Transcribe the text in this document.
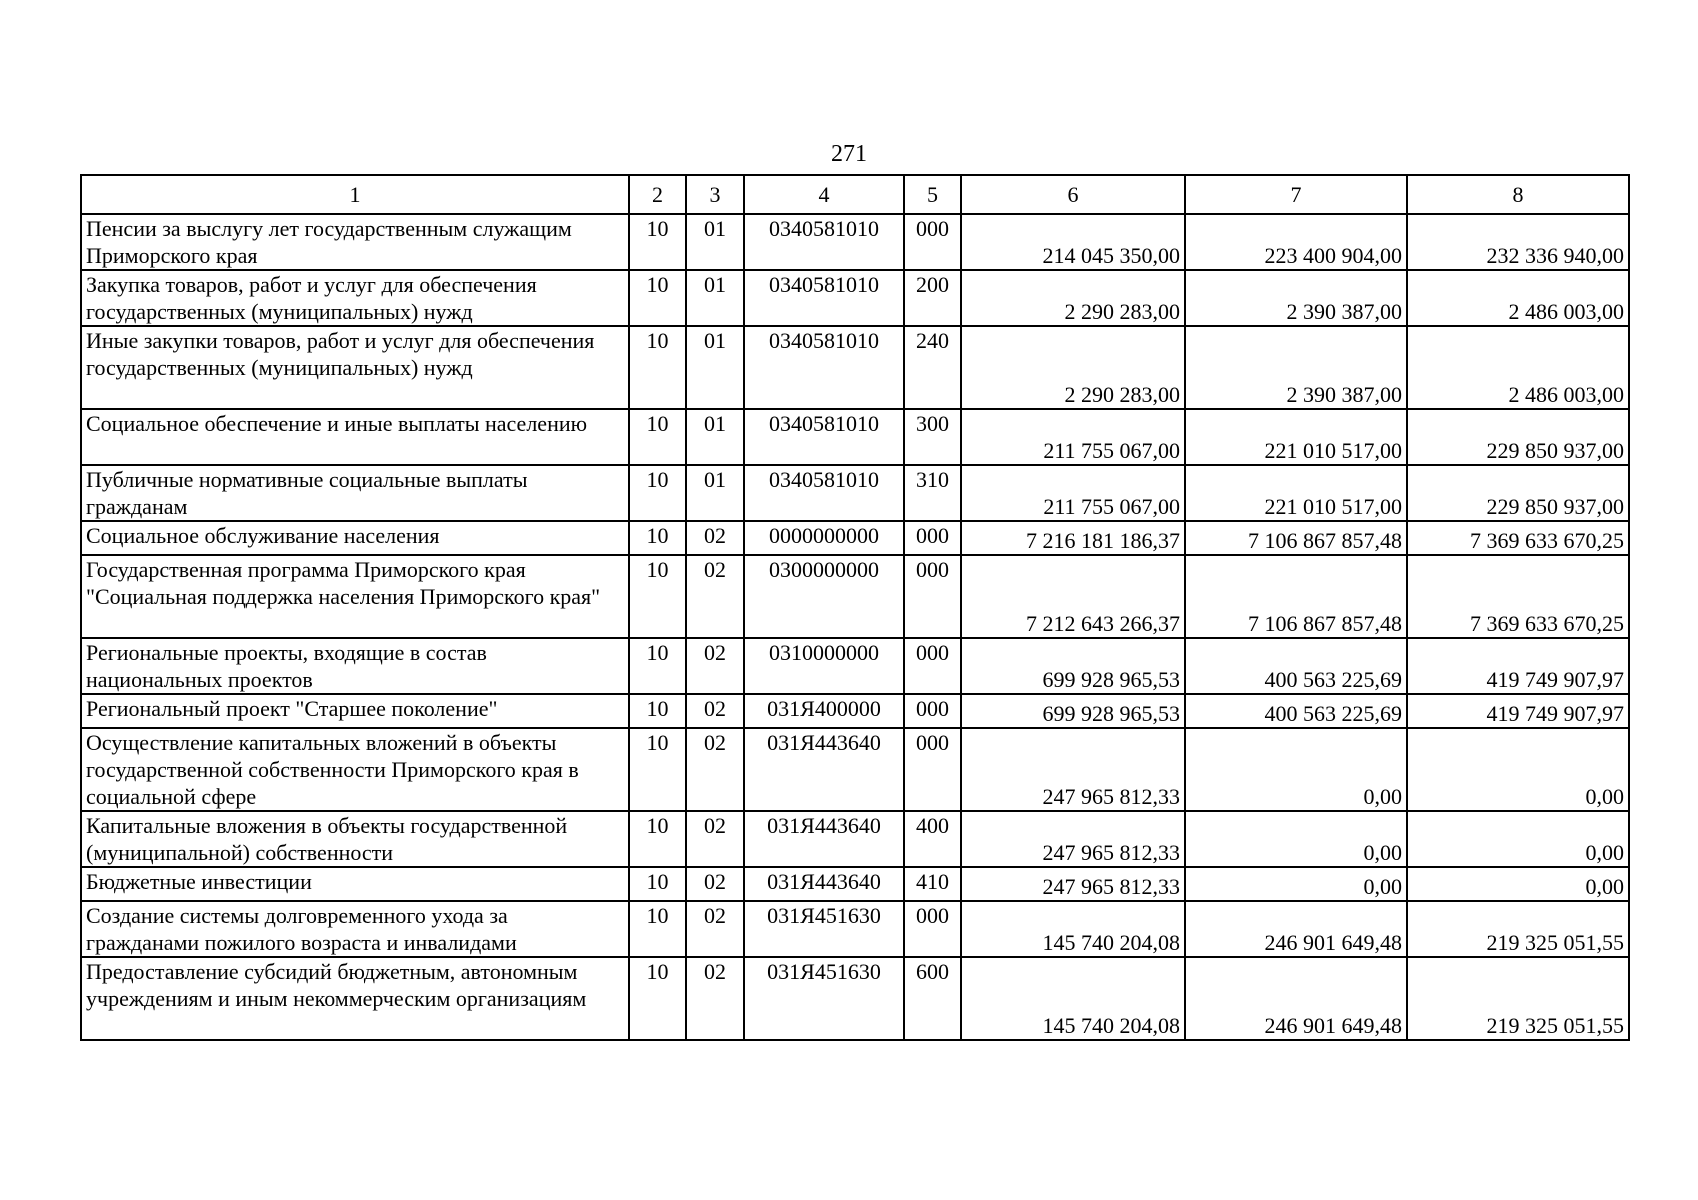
271
1	2	3	4	5	6	7	8
Пенсии за выслугу лет государственным служащим Приморского края	10	01	0340581010	000	214 045 350,00	223 400 904,00	232 336 940,00
Закупка товаров, работ и услуг для обеспечения государственных (муниципальных) нужд	10	01	0340581010	200	2 290 283,00	2 390 387,00	2 486 003,00
Иные закупки товаров, работ и услуг для обеспечения государственных (муниципальных) нужд	10	01	0340581010	240	2 290 283,00	2 390 387,00	2 486 003,00
Социальное обеспечение и иные выплаты населению	10	01	0340581010	300	211 755 067,00	221 010 517,00	229 850 937,00
Публичные нормативные социальные выплаты гражданам	10	01	0340581010	310	211 755 067,00	221 010 517,00	229 850 937,00
Социальное обслуживание населения	10	02	0000000000	000	7 216 181 186,37	7 106 867 857,48	7 369 633 670,25
Государственная программа Приморского края "Социальная поддержка населения Приморского края"	10	02	0300000000	000	7 212 643 266,37	7 106 867 857,48	7 369 633 670,25
Региональные проекты, входящие в состав национальных проектов	10	02	0310000000	000	699 928 965,53	400 563 225,69	419 749 907,97
Региональный проект "Старшее поколение"	10	02	031Я400000	000	699 928 965,53	400 563 225,69	419 749 907,97
Осуществление капитальных вложений в объекты государственной собственности Приморского края в социальной сфере	10	02	031Я443640	000	247 965 812,33	0,00	0,00
Капитальные вложения в объекты государственной (муниципальной) собственности	10	02	031Я443640	400	247 965 812,33	0,00	0,00
Бюджетные инвестиции	10	02	031Я443640	410	247 965 812,33	0,00	0,00
Создание системы долговременного ухода за гражданами пожилого возраста и инвалидами	10	02	031Я451630	000	145 740 204,08	246 901 649,48	219 325 051,55
Предоставление субсидий бюджетным, автономным учреждениям и иным некоммерческим организациям	10	02	031Я451630	600	145 740 204,08	246 901 649,48	219 325 051,55
